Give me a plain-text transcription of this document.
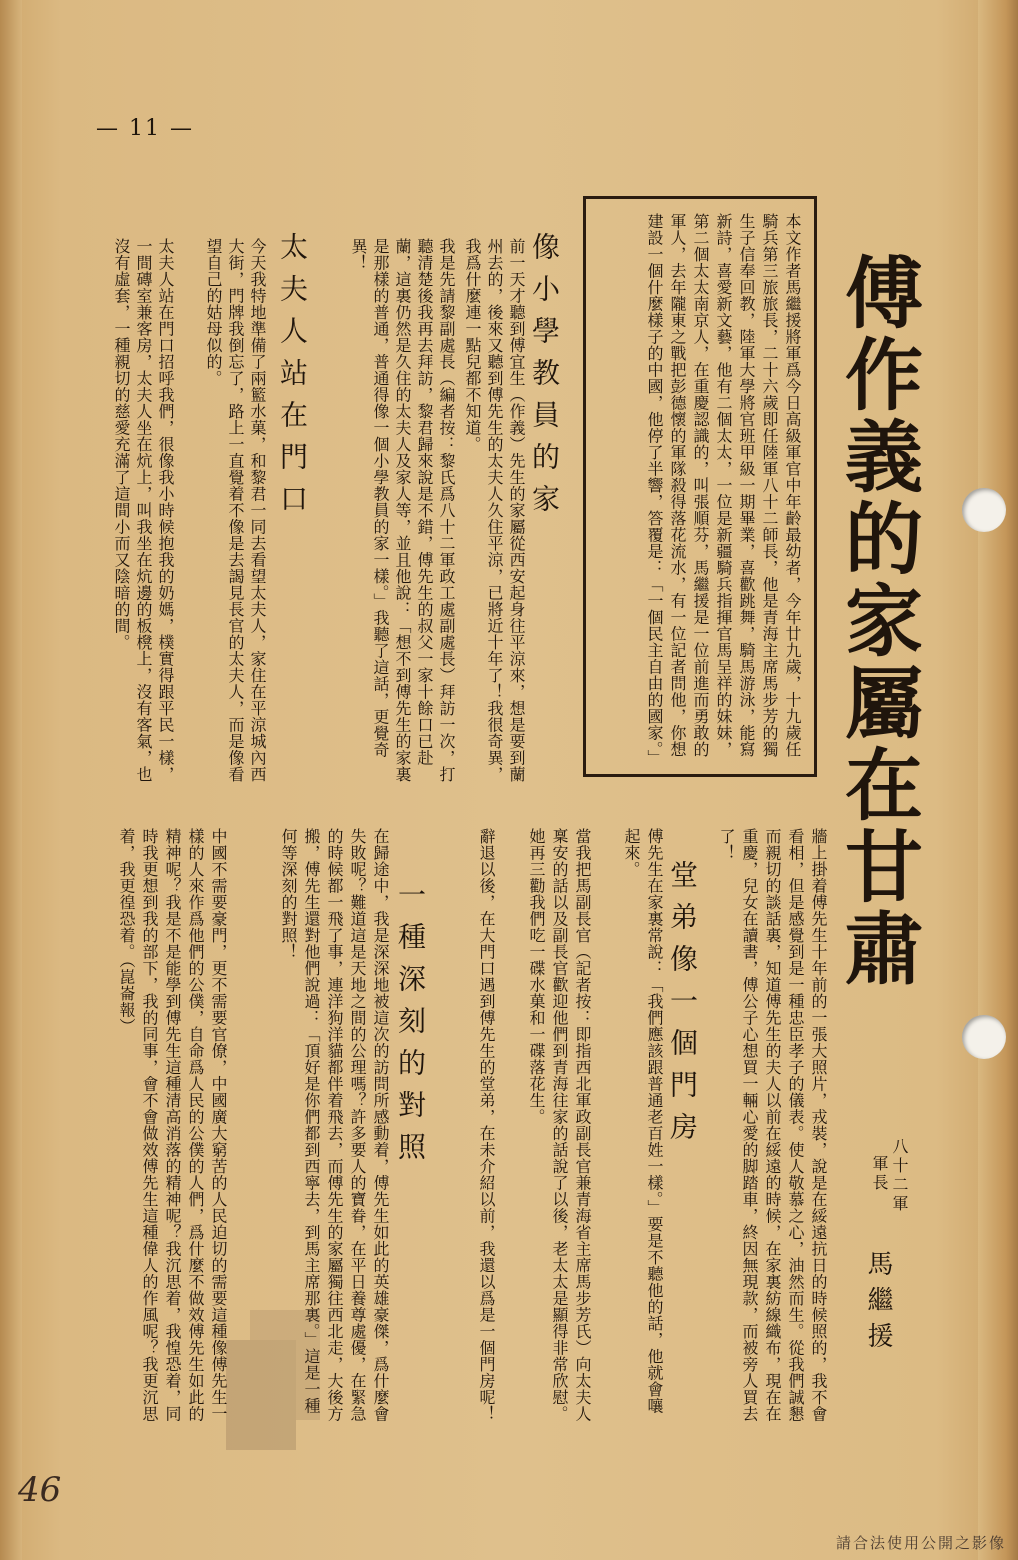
— 11 —
傅作義的家屬在甘肅
八十二軍
軍長
馬繼援
本文作者馬繼援將軍爲今日高級軍官中年齡最幼者，今年廿九歲，十九歲任騎兵第三旅旅長，二十六歲即任陸軍八十二師長，他是青海主席馬步芳的獨生子信奉回教，陸軍大學將官班甲級一期畢業，喜歡跳舞，騎馬游泳，能寫新詩，喜愛新文藝，他有二個太太，一位是新疆騎兵指揮官馬呈祥的妹妹，第二個太太南京人，在重慶認識的，叫張順芬，馬繼援是一位前進而勇敢的軍人，去年隴東之戰把彭德懷的軍隊殺得落花流水，有一位記者問他，你想建設一個什麼樣子的中國，他停了半響，答覆是：「一個民主自由的國家。」
像小學教員的家
前一天才聽到傅宜生（作義）先生的家屬從西安起身往平涼來，想是要到蘭州去的，後來又聽到傅先生的太夫人久住平涼，已將近十年了！我很奇異，我爲什麼連一點兒都不知道。
我是先請黎副處長（編者按：黎氏爲八十二軍政工處副處長）拜訪一次，打聽清楚後我再去拜訪，黎君歸來說是不錯，傅先生的叔父一家十餘口已赴蘭，這裏仍然是久住的太夫人及家人等，並且他說：「想不到傅先生的家裏是那樣的普通，普通得像一個小學教員的家一樣。」我聽了這話，更覺奇異！
太夫人站在門口
今天我特地準備了兩籃水菓，和黎君一同去看望太夫人，家住在平涼城內西大街，門牌我倒忘了，路上一直覺着不像是去謁見長官的太夫人，而是像看望自己的姑母似的。
太夫人站在門口招呼我們，很像我小時候抱我的奶媽，樸實得跟平民一樣，一間磚室兼客房，太夫人坐在炕上，叫我坐在炕邊的板櫈上，沒有客氣，也沒有虛套，一種親切的慈愛充滿了這間小而又陰暗的間。
牆上掛着傅先生十年前的一張大照片，戎裝，說是在綏遠抗日的時候照的，我不會看相，但是感覺到是一種忠臣孝子的儀表。使人敬慕之心，油然而生。從我們誠懇而親切的談話裏，知道傅先生的夫人以前在綏遠的時候，在家裏紡線織布，現在在重慶，兒女在讀書，傅公子心想買一輛心愛的脚踏車，終因無現款，而被旁人買去了！
堂弟像一個門房
傅先生在家裏常說：「我們應該跟普通老百姓一樣。」要是不聽他的話，他就會嚷起來。
當我把馬副長官（記者按：即指西北軍政副長官兼青海省主席馬步芳氏）向太夫人稟安的話以及副長官歡迎他們到青海往家的話說了以後，老太太是顯得非常欣慰。她再三勸我們吃一碟水菓和一碟落花生。
辭退以後，在大門口遇到傅先生的堂弟，在未介紹以前，我還以爲是一個門房呢！
一種深刻的對照
在歸途中，我是深深地被這次的訪問所感動着，傅先生如此的英雄豪傑，爲什麼會失敗呢？難道這是天地之間的公理嗎？許多要人的寶眷，在平日養尊處優，在緊急的時候都一飛了事，連洋狗洋貓都伴着飛去，而傅先生的家屬獨往西北走，大後方搬，傅先生還對他們說過：「頂好是你們都到西寧去，到馬主席那裏。」這是一種何等深刻的對照！
中國不需要豪門，更不需要官僚，中國廣大窮苦的人民迫切的需要這種像傅先生一樣的人來作爲他們的公僕，自命爲人民的公僕的人們，爲什麼不做效傅先生如此的精神呢？我是不是能學到傅先生這種清高消落的精神呢？我沉思着，我惶恐着，同時我更想到我的部下，我的同事，會不會做效傅先生這種偉人的作風呢？我更沉思着，我更徨恐着。（崑崙報）
46
請合法使用公開之影像
